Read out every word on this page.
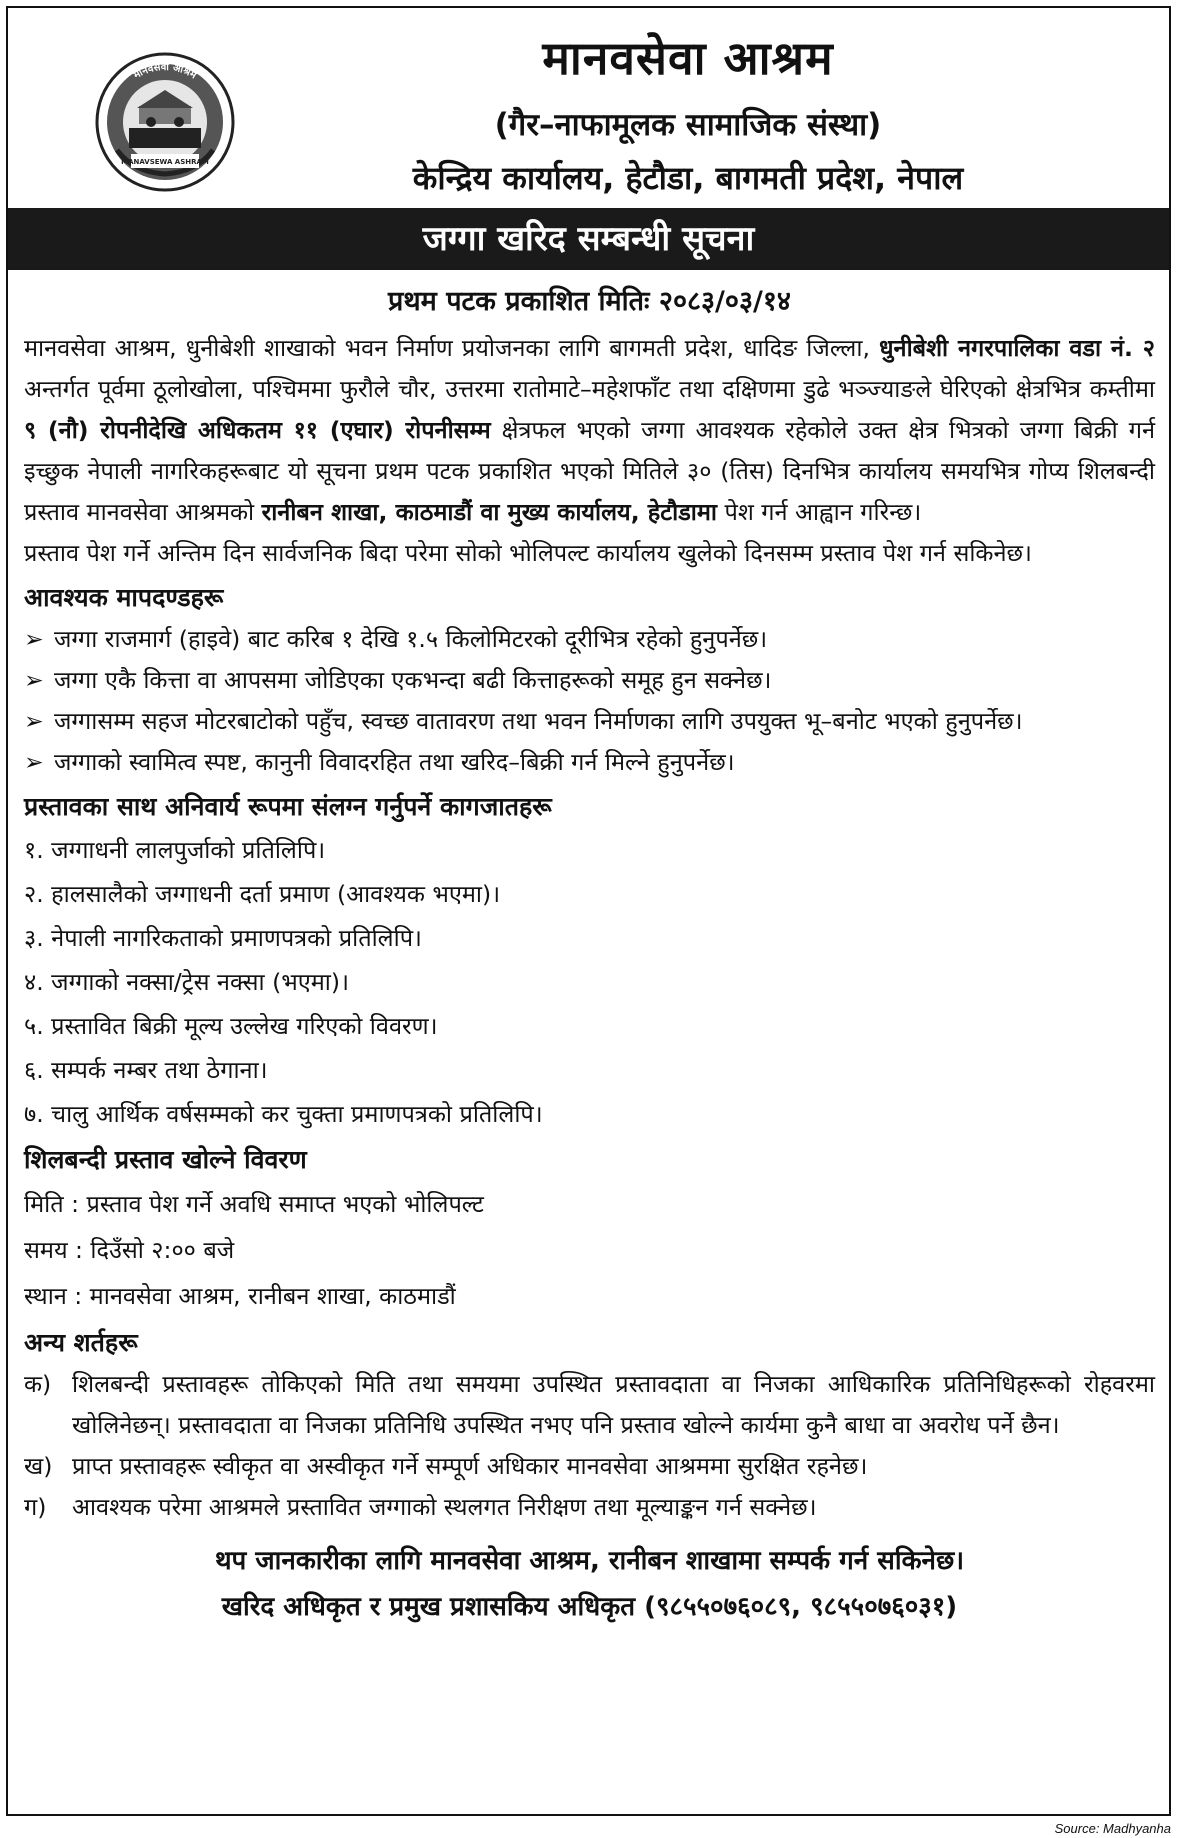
मानवसेवा आश्रम
MANAVSEWA ASHRAM
मानवसेवा आश्रम
(गैर–नाफामूलक सामाजिक संस्था)
केन्द्रिय कार्यालय, हेटौडा, बागमती प्रदेश, नेपाल
जग्गा खरिद सम्बन्धी सूचना
प्रथम पटक प्रकाशित मितिः २०८३/०३/१४

मानवसेवा आश्रम, धुनीबेशी शाखाको भवन निर्माण प्रयोजनका लागि बागमती प्रदेश, धादिङ जिल्ला, धुनीबेशी नगरपालिका वडा नं. २ अन्तर्गत पूर्वमा ठूलोखोला, पश्चिममा फुरौले चौर, उत्तरमा रातोमाटे–महेशफाँट तथा दक्षिणमा डुढे भञ्ज्याङले घेरिएको क्षेत्रभित्र कम्तीमा ९ (नौ) रोपनीदेखि अधिकतम ११ (एघार) रोपनीसम्म क्षेत्रफल भएको जग्गा आवश्यक रहेकोले उक्त क्षेत्र भित्रको जग्गा बिक्री गर्न इच्छुक नेपाली नागरिकहरूबाट यो सूचना प्रथम पटक प्रकाशित भएको मितिले ३० (तिस) दिनभित्र कार्यालय समयभित्र गोप्य शिलबन्दी प्रस्ताव मानवसेवा आश्रमको रानीबन शाखा, काठमाडौं वा मुख्य कार्यालय, हेटौडामा पेश गर्न आह्वान गरिन्छ।

प्रस्ताव पेश गर्ने अन्तिम दिन सार्वजनिक बिदा परेमा सोको भोलिपल्ट कार्यालय खुलेको दिनसम्म प्रस्ताव पेश गर्न सकिनेछ।

आवश्यक मापदण्डहरू
➢ जग्गा राजमार्ग (हाइवे) बाट करिब १ देखि १.५ किलोमिटरको दूरीभित्र रहेको हुनुपर्नेछ।
➢ जग्गा एकै कित्ता वा आपसमा जोडिएका एकभन्दा बढी कित्ताहरूको समूह हुन सक्नेछ।
➢ जग्गासम्म सहज मोटरबाटोको पहुँच, स्वच्छ वातावरण तथा भवन निर्माणका लागि उपयुक्त भू–बनोट भएको हुनुपर्नेछ।
➢ जग्गाको स्वामित्व स्पष्ट, कानुनी विवादरहित तथा खरिद–बिक्री गर्न मिल्ने हुनुपर्नेछ।
प्रस्तावका साथ अनिवार्य रूपमा संलग्न गर्नुपर्ने कागजातहरू
१. जग्गाधनी लालपुर्जाको प्रतिलिपि।
२. हालसालैको जग्गाधनी दर्ता प्रमाण (आवश्यक भएमा)।
३. नेपाली नागरिकताको प्रमाणपत्रको प्रतिलिपि।
४. जग्गाको नक्सा/ट्रेस नक्सा (भएमा)।
५. प्रस्तावित बिक्री मूल्य उल्लेख गरिएको विवरण।
६. सम्पर्क नम्बर तथा ठेगाना।
७. चालु आर्थिक वर्षसम्मको कर चुक्ता प्रमाणपत्रको प्रतिलिपि।
शिलबन्दी प्रस्ताव खोल्ने विवरण
मिति : प्रस्ताव पेश गर्ने अवधि समाप्त भएको भोलिपल्ट
समय : दिउँसो २:०० बजे
स्थान : मानवसेवा आश्रम, रानीबन शाखा, काठमाडौं
अन्य शर्तहरू
क) शिलबन्दी प्रस्तावहरू तोकिएको मिति तथा समयमा उपस्थित प्रस्तावदाता वा निजका आधिकारिक प्रतिनिधिहरूको रोहवरमा खोलिनेछन्। प्रस्तावदाता वा निजका प्रतिनिधि उपस्थित नभए पनि प्रस्ताव खोल्ने कार्यमा कुनै बाधा वा अवरोध पर्ने छैन।
ख) प्राप्त प्रस्तावहरू स्वीकृत वा अस्वीकृत गर्ने सम्पूर्ण अधिकार मानवसेवा आश्रममा सुरक्षित रहनेछ।
ग)	आवश्यक परेमा आश्रमले प्रस्तावित जग्गाको स्थलगत निरीक्षण तथा मूल्याङ्कन गर्न सक्नेछ।
थप जानकारीका लागि मानवसेवा आश्रम, रानीबन शाखामा सम्पर्क गर्न सकिनेछ।
खरिद अधिकृत र प्रमुख प्रशासकिय अधिकृत (९८५५०७६०८९, ९८५५०७६०३१)
Source: Madhyanha
